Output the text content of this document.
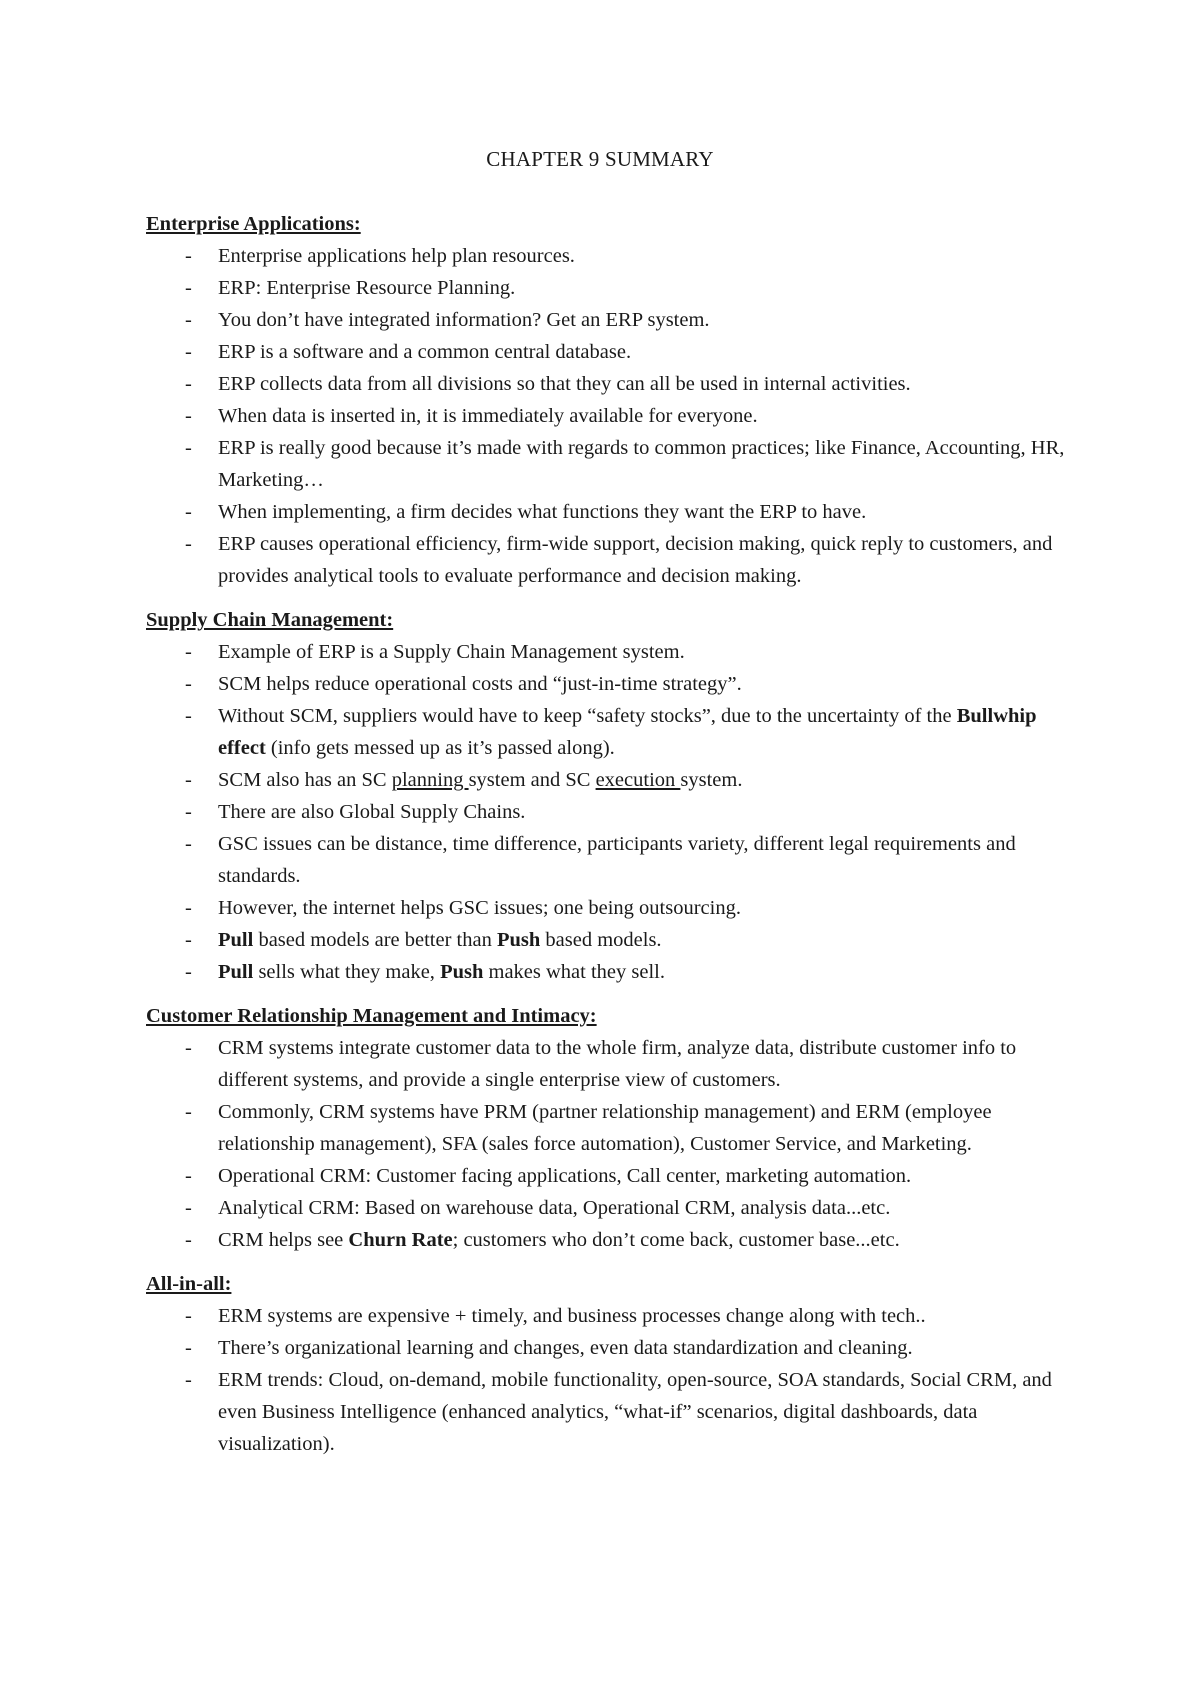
CHAPTER 9 SUMMARY

Enterprise Applications:

- Enterprise applications help plan resources.
- ERP: Enterprise Resource Planning.
- You don’t have integrated information? Get an ERP system.
- ERP is a software and a common central database.
- ERP collects data from all divisions so that they can all be used in internal activities.
- When data is inserted in, it is immediately available for everyone.
- ERP is really good because it’s made with regards to common practices; like Finance, Accounting, HR, Marketing…
- When implementing, a firm decides what functions they want the ERP to have.
- ERP causes operational efficiency, firm-wide support, decision making, quick reply to customers, and provides analytical tools to evaluate performance and decision making.

Supply Chain Management:

- Example of ERP is a Supply Chain Management system.
- SCM helps reduce operational costs and “just-in-time strategy”.
- Without SCM, suppliers would have to keep “safety stocks”, due to the uncertainty of the Bullwhip effect (info gets messed up as it’s passed along).
- SCM also has an SC planning system and SC execution system.
- There are also Global Supply Chains.
- GSC issues can be distance, time difference, participants variety, different legal requirements and standards.
- However, the internet helps GSC issues; one being outsourcing.
- Pull based models are better than Push based models.
- Pull sells what they make, Push makes what they sell.

Customer Relationship Management and Intimacy:

- CRM systems integrate customer data to the whole firm, analyze data, distribute customer info to different systems, and provide a single enterprise view of customers.
- Commonly, CRM systems have PRM (partner relationship management) and ERM (employee relationship management), SFA (sales force automation), Customer Service, and Marketing.
- Operational CRM: Customer facing applications, Call center, marketing automation.
- Analytical CRM: Based on warehouse data, Operational CRM, analysis data...etc.
- CRM helps see Churn Rate; customers who don’t come back, customer base...etc.

All-in-all:

- ERM systems are expensive + timely, and business processes change along with tech..
- There’s organizational learning and changes, even data standardization and cleaning.
- ERM trends: Cloud, on-demand, mobile functionality, open-source, SOA standards, Social CRM, and even Business Intelligence (enhanced analytics, “what-if” scenarios, digital dashboards, data visualization).
